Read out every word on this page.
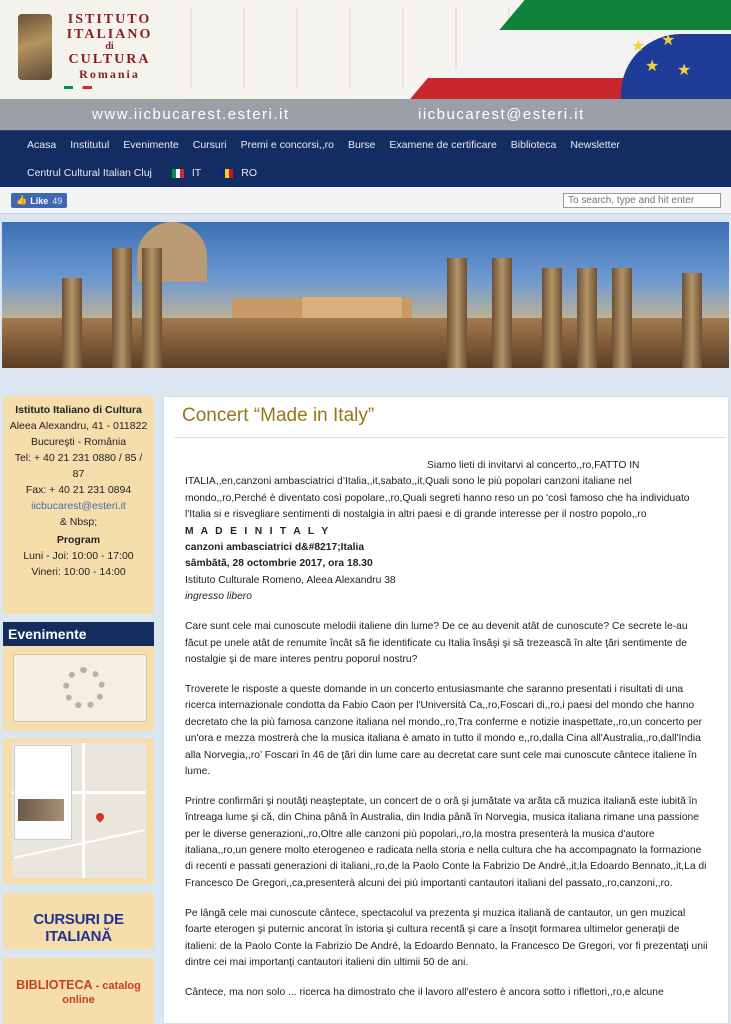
ISTITUTO
ITALIANO
di
CULTURA
Romania
★ ★
★ ★
www.iicbucarest.esteri.it	iicbucarest@esteri.it
Acasa Institutul Evenimente Cursuri Premi e concorsi,,ro Burse Examene de certificare Biblioteca Newsletter
Centrul Cultural Italian Cluj	IT	RO
👍 Like 49
To search, type and hit enter
Istituto Italiano di Cultura
Aleea Alexandru, 41 - 011822
Bucureşti - România
Tel: + 40 21 231 0880 / 85 / 87
Fax: + 40 21 231 0894
iicbucarest@esteri.it
& Nbsp;
Program
Luni - Joi: 10:00 - 17:00
Vineri: 10:00 - 14:00
Evenimente
CURSURI DE ITALIANĂ
BIBLIOTECA - catalog online
Concert “Made in Italy”

Siamo lieti di invitarvi al concerto,,ro,FATTO IN
ITALIA,,en,canzoni ambasciatrici d’Italia,,it,sabato,,it,Quali sono le più popolari canzoni italiane nel mondo,,ro,Perché è diventato così popolare,,ro,Quali segreti hanno reso un po 'così famoso che ha individuato l'Italia si e risvegliare sentimenti di nostalgia in altri paesi e di grande interesse per il nostro popolo,,ro
M A D E I N I T A L Y
canzoni ambasciatrici d&#8217;Italia
sâmbătă, 28 octombrie 2017, ora 18.30
Istituto Culturale Romeno, Aleea Alexandru 38
ingresso libero

Care sunt cele mai cunoscute melodii italiene din lume? De ce au devenit atât de cunoscute? Ce secrete le-au făcut pe unele atât de renumite încât să fie identificate cu Italia însăşi şi să trezească în alte ţări sentimente de nostalgie şi de mare interes pentru poporul nostru?

Troverete le risposte a queste domande in un concerto entusiasmante che saranno presentati i risultati di una ricerca internazionale condotta da Fabio Caon per l'Università Ca,,ro,Foscari di,,ro,i paesi del mondo che hanno decretato che la più famosa canzone italiana nel mondo,,ro,Tra conferme e notizie inaspettate,,ro,un concerto per un'ora e mezza mostrerà che la musica italiana è amato in tutto il mondo e,,ro,dalla Cina all'Australia,,ro,dall'India alla Norvegia,,ro’ Foscari în 46 de ţări din lume care au decretat care sunt cele mai cunoscute cântece italiene în lume.

Printre confirmări şi noutăţi neaşteptate, un concert de o oră şi jumătate va arăta că muzica italiană este iubită în întreaga lume şi că, din China până în Australia, din India până în Norvegia, musica italiana rimane una passione per le diverse generazioni,,ro,Oltre alle canzoni più popolari,,ro,la mostra presenterà la musica d'autore italiana,,ro,un genere molto eterogeneo e radicata nella storia e nella cultura che ha accompagnato la formazione di recenti e passati generazioni di italiani,,ro,de la Paolo Conte la Fabrizio De André,,it,la Edoardo Bennato,,it,La di Francesco De Gregori,,ca,presenterà alcuni dei più importanti cantautori italiani del passato,,ro,canzoni,,ro.

Pe lângă cele mai cunoscute cântece, spectacolul va prezenta şi muzica italiană de cantautor, un gen muzical foarte eterogen şi puternic ancorat în istoria şi cultura recentă şi care a însoţit formarea ultimelor generaţii de italieni: de la Paolo Conte la Fabrizio De André, la Edoardo Bennato, la Francesco De Gregori, vor fi prezentaţi unii dintre cei mai importanţi cantautori italieni din ultimii 50 de ani.

Cântece, ma non solo ... ricerca ha dimostrato che il lavoro all'estero è ancora sotto i riflettori,,ro,e alcune
